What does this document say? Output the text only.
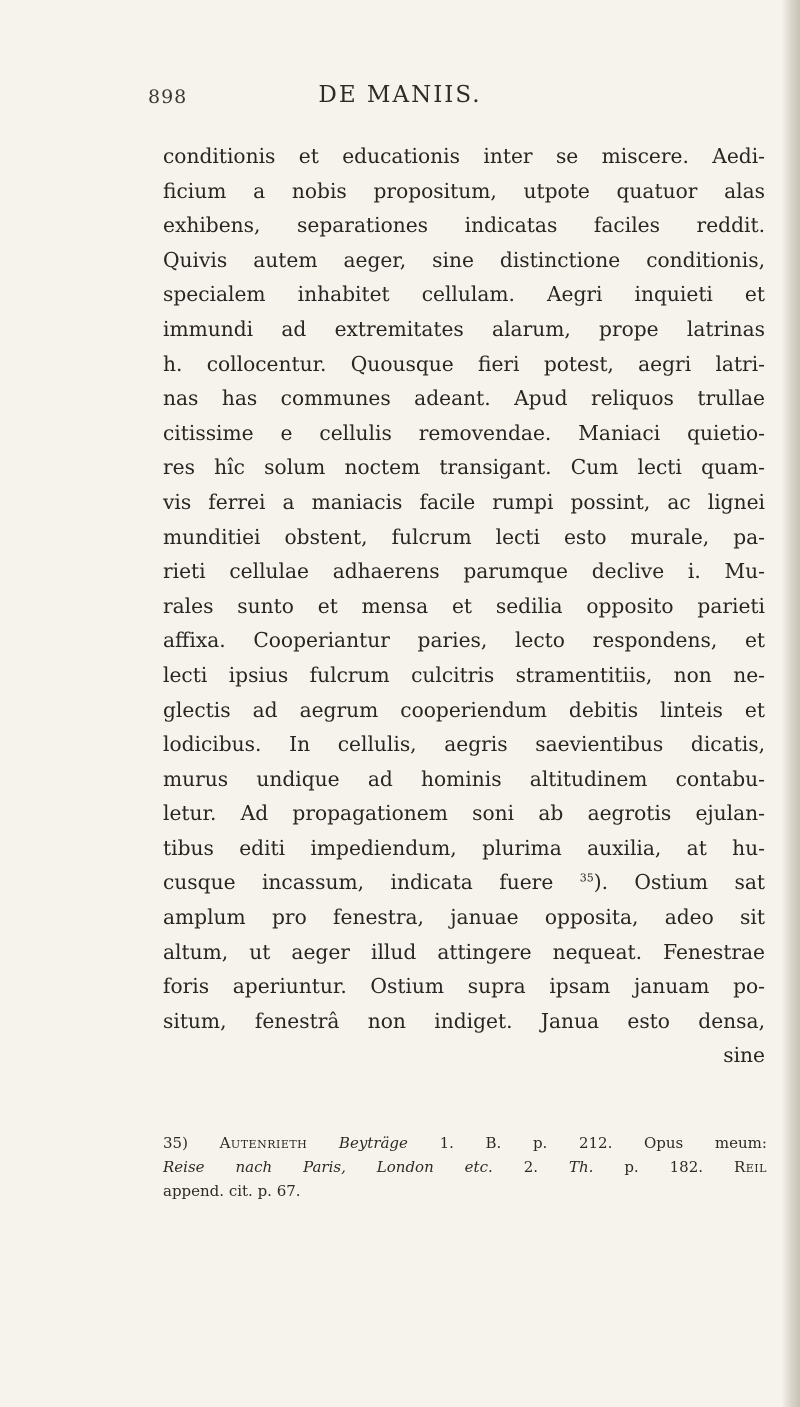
898	DE MANIIS.
conditionis et educationis inter se miscere. Aedi-
ficium a nobis propositum, utpote quatuor alas
exhibens, separationes indicatas faciles reddit.
Quivis autem aeger, sine distinctione conditionis,
specialem inhabitet cellulam. Aegri inquieti et
immundi ad extremitates alarum, prope latrinas
h. collocentur. Quousque fieri potest, aegri latri-
nas has communes adeant. Apud reliquos trullae
citissime e cellulis removendae. Maniaci quietio-
res hîc solum noctem transigant. Cum lecti quam-
vis ferrei a maniacis facile rumpi possint, ac lignei
munditiei obstent, fulcrum lecti esto murale, pa-
rieti cellulae adhaerens parumque declive i. Mu-
rales sunto et mensa et sedilia opposito parieti
affixa. Cooperiantur paries, lecto respondens, et
lecti ipsius fulcrum culcitris stramentitiis, non ne-
glectis ad aegrum cooperiendum debitis linteis et
lodicibus. In cellulis, aegris saevientibus dicatis,
murus undique ad hominis altitudinem contabu-
letur. Ad propagationem soni ab aegrotis ejulan-
tibus editi impediendum, plurima auxilia, at hu-
cusque incassum, indicata fuere $^{35}$). Ostium sat
amplum pro fenestra, januae opposita, adeo sit
altum, ut aeger illud attingere nequeat. Fenestrae
foris aperiuntur. Ostium supra ipsam januam po-
situm, fenestrâ non indiget. Janua esto densa,
sine
35) Autenrieth Beyträge 1. B. p. 212. Opus meum:
Reise nach Paris, London etc. 2. Th. p. 182. Reil
append. cit. p. 67.
